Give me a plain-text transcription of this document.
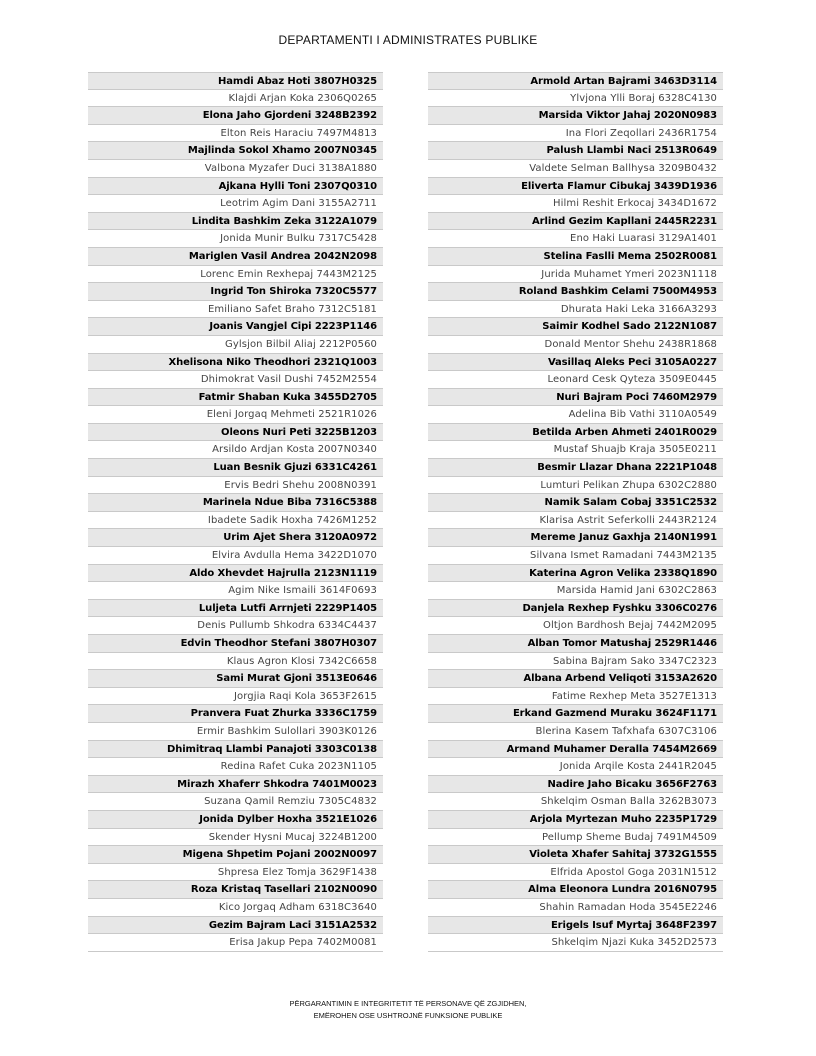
DEPARTAMENTI I ADMINISTRATES PUBLIKE
Hamdi Abaz Hoti 3807H0325
Klajdi Arjan Koka 2306Q0265
Elona Jaho Gjordeni 3248B2392
Elton Reis Haraciu 7497M4813
Majlinda Sokol Xhamo 2007N0345
Valbona Myzafer Duci 3138A1880
Ajkana Hylli Toni 2307Q0310
Leotrim Agim Dani 3155A2711
Lindita Bashkim Zeka 3122A1079
Jonida Munir Bulku 7317C5428
Mariglen Vasil Andrea 2042N2098
Lorenc Emin Rexhepaj 7443M2125
Ingrid Ton Shiroka 7320C5577
Emiliano Safet Braho 7312C5181
Joanis Vangjel Cipi 2223P1146
Gylsjon Bilbil Aliaj 2212P0560
Xhelisona Niko Theodhori 2321Q1003
Dhimokrat Vasil Dushi 7452M2554
Fatmir Shaban Kuka 3455D2705
Eleni Jorgaq Mehmeti 2521R1026
Oleons Nuri Peti 3225B1203
Arsildo Ardjan Kosta 2007N0340
Luan Besnik Gjuzi 6331C4261
Ervis Bedri Shehu 2008N0391
Marinela Ndue Biba 7316C5388
Ibadete Sadik Hoxha 7426M1252
Urim Ajet Shera 3120A0972
Elvira Avdulla Hema 3422D1070
Aldo Xhevdet Hajrulla 2123N1119
Agim Nike Ismaili 3614F0693
Luljeta Lutfi Arrnjeti 2229P1405
Denis Pullumb Shkodra 6334C4437
Edvin Theodhor Stefani 3807H0307
Klaus Agron Klosi 7342C6658
Sami Murat Gjoni 3513E0646
Jorgjia Raqi Kola 3653F2615
Pranvera Fuat Zhurka 3336C1759
Ermir Bashkim Sulollari 3903K0126
Dhimitraq Llambi Panajoti 3303C0138
Redina Rafet Cuka 2023N1105
Mirazh Xhaferr Shkodra 7401M0023
Suzana Qamil Remziu 7305C4832
Jonida Dylber Hoxha 3521E1026
Skender Hysni Mucaj 3224B1200
Migena Shpetim Pojani 2002N0097
Shpresa Elez Tomja 3629F1438
Roza Kristaq Tasellari 2102N0090
Kico Jorgaq Adham 6318C3640
Gezim Bajram Laci 3151A2532
Erisa Jakup Pepa 7402M0081
Armold Artan Bajrami 3463D3114
Ylvjona Ylli Boraj 6328C4130
Marsida Viktor Jahaj 2020N0983
Ina Flori Zeqollari 2436R1754
Palush Llambi Naci 2513R0649
Valdete Selman Ballhysa 3209B0432
Eliverta Flamur Cibukaj 3439D1936
Hilmi Reshit Erkocaj 3434D1672
Arlind Gezim Kapllani 2445R2231
Eno Haki Luarasi 3129A1401
Stelina Faslli Mema 2502R0081
Jurida Muhamet Ymeri 2023N1118
Roland Bashkim Celami 7500M4953
Dhurata Haki Leka 3166A3293
Saimir Kodhel Sado 2122N1087
Donald Mentor Shehu 2438R1868
Vasillaq Aleks Peci 3105A0227
Leonard Cesk Qyteza 3509E0445
Nuri Bajram Poci 7460M2979
Adelina Bib Vathi 3110A0549
Betilda Arben Ahmeti 2401R0029
Mustaf Shuajb Kraja 3505E0211
Besmir Llazar Dhana 2221P1048
Lumturi Pelikan Zhupa 6302C2880
Namik Salam Cobaj 3351C2532
Klarisa Astrit Seferkolli 2443R2124
Mereme Januz Gaxhja 2140N1991
Silvana Ismet Ramadani 7443M2135
Katerina Agron Velika 2338Q1890
Marsida Hamid Jani 6302C2863
Danjela Rexhep Fyshku 3306C0276
Oltjon Bardhosh Bejaj 7442M2095
Alban Tomor Matushaj 2529R1446
Sabina Bajram Sako 3347C2323
Albana Arbend Veliqoti 3153A2620
Fatime Rexhep Meta 3527E1313
Erkand Gazmend Muraku 3624F1171
Blerina Kasem Tafxhafa 6307C3106
Armand Muhamer Deralla 7454M2669
Jonida Arqile Kosta 2441R2045
Nadire Jaho Bicaku 3656F2763
Shkelqim Osman Balla 3262B3073
Arjola Myrtezan Muho 2235P1729
Pellump Sheme Budaj 7491M4509
Violeta Xhafer Sahitaj 3732G1555
Elfrida Apostol Goga 2031N1512
Alma Eleonora Lundra 2016N0795
Shahin Ramadan Hoda 3545E2246
Erigels Isuf Myrtaj 3648F2397
Shkelqim Njazi Kuka 3452D2573
PËRGARANTIMIN E INTEGRITETIT TË PERSONAVE QË ZGJIDHEN,
EMËROHEN OSE USHTROJNË FUNKSIONE PUBLIKE
